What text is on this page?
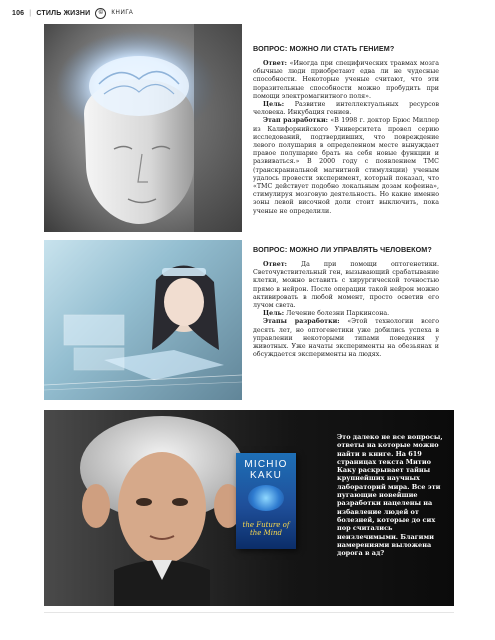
106 | СТИЛЬ ЖИЗНИ	©	КНИГА
ВОПРОС: МОЖНО ЛИ СТАТЬ ГЕНИЕМ?

Ответ: «Иногда при специфических травмах мозга обычные люди приобретают едва ли не чудесные способности. Некоторые ученые считают, что эти поразительные способности можно пробудить при помощи электромагнитного поля».

Цель: Развитие интеллектуальных ресурсов человека. Инкубация гениев.

Этап разработки: «В 1998 г. доктор Брюс Миллер из Калифорнийского Университета провел серию исследований, подтвердивших, что повреждение левого полушария в определенном месте вынуждает правое полушарие брать на себя новые функции и развиваться.» В 2000 году с появлением ТМС (транскраниальной магнитной стимуляции) ученым удалось провести эксперимент, который показал, что «ТМС действует подобно локальным дозам кофеина», стимулируя мозговую деятельность. Но какие именно зоны левой височной доли стоит выключить, пока ученые не определили.

ВОПРОС: МОЖНО ЛИ УПРАВЛЯТЬ ЧЕЛОВЕКОМ?

Ответ: Да при помощи оптогенетики. Светочувствительный ген, вызывающий срабатывание клетки, можно вставить с хирургической точностью прямо в нейрон. После операции такой нейрон можно активировать в любой момент, просто осветив его лучом света.

Цель: Лечение болезни Паркинсона.

Этапы разработки: «Этой технологии всего десять лет, но оптогенетики уже добились успеха в управлении некоторыми типами поведения у животных. Уже начаты эксперименты на обезьянах и обсуждается эксперименты на людях.

MICHIO KAKU
the Future of the Mind
Это далеко не все вопросы, ответы на которые можно найти в книге. На 619 страницах текста Митио Каку раскрывает тайны крупнейших научных лабораторий мира. Все эти пугающие новейшие разработки нацелены на избавление людей от болезней, которые до сих пор считались неизлечимыми. Благими намерениями выложена дорога в ад?
